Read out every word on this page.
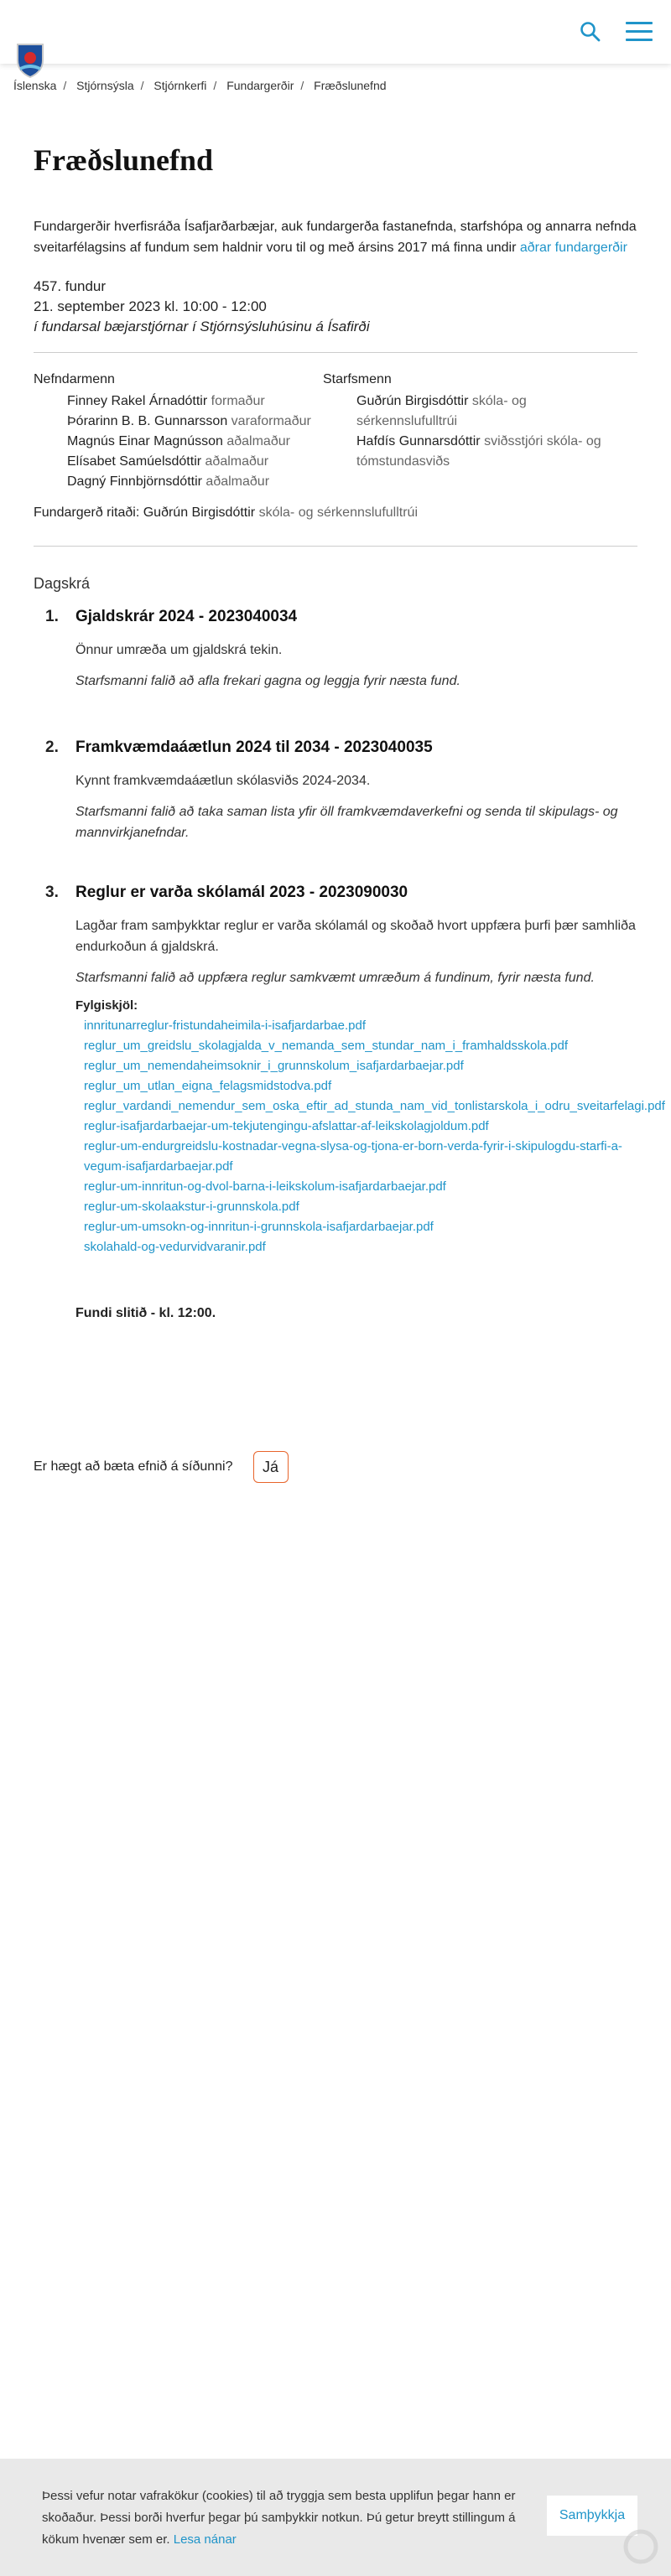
Íslenska / Stjórnsýsla / Stjórnkerfi / Fundargerðir / Fræðslunefnd
Fræðslunefnd

Fundargerðir hverfisráða Ísafjarðarbæjar, auk fundargerða fastanefnda, starfshópa og annarra nefnda sveitarfélagsins af fundum sem haldnir voru til og með ársins 2017 má finna undir aðrar fundargerðir

457. fundur
21. september 2023 kl. 10:00 - 12:00
í fundarsal bæjarstjórnar í Stjórnsýsluhúsinu á Ísafirði
Nefndarmenn
Finney Rakel Árnadóttir formaður
Þórarinn B. B. Gunnarsson varaformaður
Magnús Einar Magnússon aðalmaður
Elísabet Samúelsdóttir aðalmaður
Dagný Finnbjörnsdóttir aðalmaður
Starfsmenn
Guðrún Birgisdóttir skóla- og sérkennslufulltrúi
Hafdís Gunnarsdóttir sviðsstjóri skóla- og tómstundasviðs
Fundargerð ritaði: Guðrún Birgisdóttir skóla- og sérkennslufulltrúi
Dagskrá
1. Gjaldskrár 2024 - 2023040034

Önnur umræða um gjaldskrá tekin.

Starfsmanni falið að afla frekari gagna og leggja fyrir næsta fund.

2. Framkvæmdaáætlun 2024 til 2034 - 2023040035

Kynnt framkvæmdaáætlun skólasviðs 2024-2034.

Starfsmanni falið að taka saman lista yfir öll framkvæmdaverkefni og senda til skipulags- og mannvirkjanefndar.

3. Reglur er varða skólamál 2023 - 2023090030

Lagðar fram samþykktar reglur er varða skólamál og skoðað hvort uppfæra þurfi þær samhliða endurkoðun á gjaldskrá.

Starfsmanni falið að uppfæra reglur samkvæmt umræðum á fundinum, fyrir næsta fund.

Fylgiskjöl:
innritunarreglur-fristundaheimila-i-isafjardarbae.pdf
reglur_um_greidslu_skolagjalda_v_nemanda_sem_stundar_nam_i_framhaldsskola.pdf
reglur_um_nemendaheimsoknir_i_grunnskolum_isafjardarbaejar.pdf
reglur_um_utlan_eigna_felagsmidstodva.pdf
reglur_vardandi_nemendur_sem_oska_eftir_ad_stunda_nam_vid_tonlistarskola_i_odru_sveitarfelagi.pdf
reglur-isafjardarbaejar-um-tekjutengingu-afslattar-af-leikskolagjoldum.pdf
reglur-um-endurgreidslu-kostnadar-vegna-slysa-og-tjona-er-born-verda-fyrir-i-skipulogdu-starfi-a-vegum-isafjardarbaejar.pdf
reglur-um-innritun-og-dvol-barna-i-leikskolum-isafjardarbaejar.pdf
reglur-um-skolaakstur-i-grunnskola.pdf
reglur-um-umsokn-og-innritun-i-grunnskola-isafjardarbaejar.pdf
skolahald-og-vedurvidvaranir.pdf
Fundi slitið - kl. 12:00.
Er hægt að bæta efnið á síðunni?	Já

Þessi vefur notar vafrakökur (cookies) til að tryggja sem besta upplifun þegar hann er skoðaður. Þessi borði hverfur þegar þú samþykkir notkun. Þú getur breytt stillingum á kökum hvenær sem er. Lesa nánar

Samþykkja
